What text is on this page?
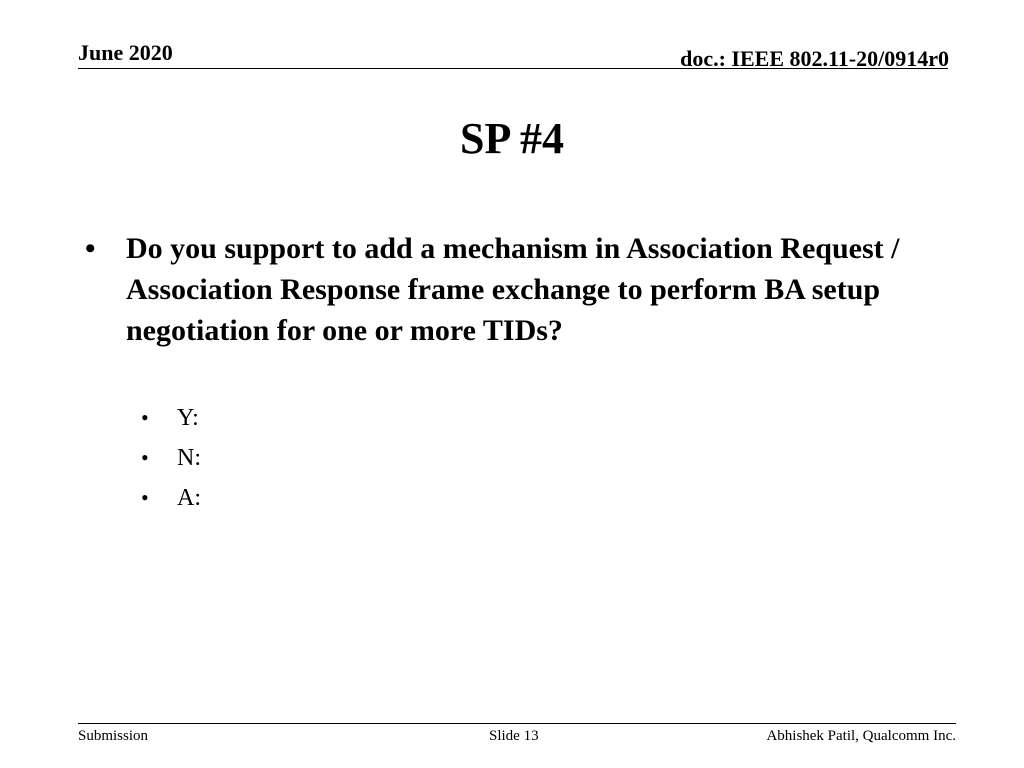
June 2020	doc.: IEEE 802.11-20/0914r0
SP #4
• Do you support to add a mechanism in Association Request / Association Response frame exchange to perform BA setup negotiation for one or more TIDs?
• Y:
• N:
• A:
Submission	Slide 13	Abhishek Patil, Qualcomm Inc.
